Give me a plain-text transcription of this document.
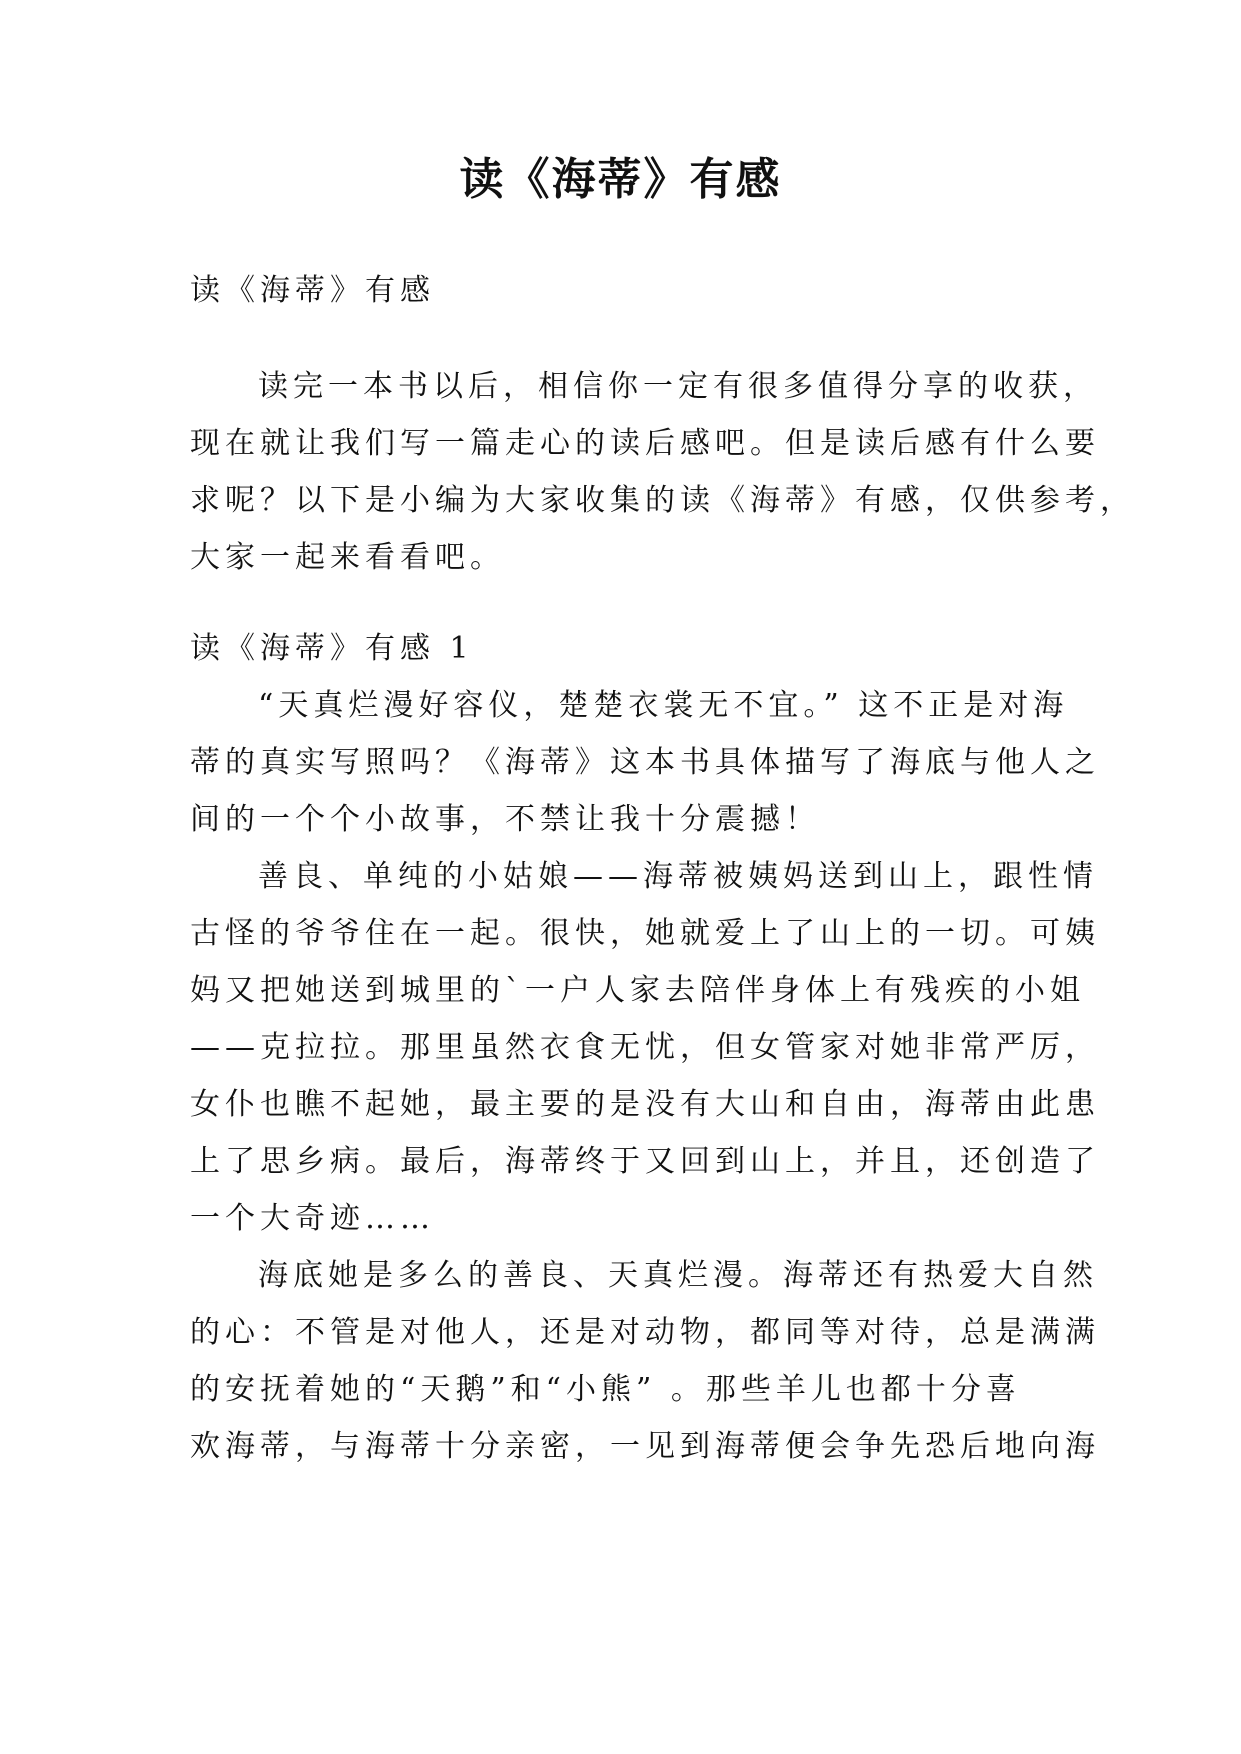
读《海蒂》有感
读《海蒂》有感
读完一本书以后，相信你一定有很多值得分享的收获，
现在就让我们写一篇走心的读后感吧。但是读后感有什么要
求呢？以下是小编为大家收集的读《海蒂》有感，仅供参考，
大家一起来看看吧。
读《海蒂》有感 1
“天真烂漫好容仪，楚楚衣裳无不宜。” 这不正是对海
蒂的真实写照吗？《海蒂》这本书具体描写了海底与他人之
间的一个个小故事，不禁让我十分震撼！
善良、单纯的小姑娘——海蒂被姨妈送到山上，跟性情
古怪的爷爷住在一起。很快，她就爱上了山上的一切。可姨
妈又把她送到城里的`一户人家去陪伴身体上有残疾的小姐
——克拉拉。那里虽然衣食无忧，但女管家对她非常严厉，
女仆也瞧不起她，最主要的是没有大山和自由，海蒂由此患
上了思乡病。最后，海蒂终于又回到山上，并且，还创造了
一个大奇迹……
海底她是多么的善良、天真烂漫。海蒂还有热爱大自然
的心：不管是对他人，还是对动物，都同等对待，总是满满
的安抚着她的“天鹅”和“小熊” 。那些羊儿也都十分喜
欢海蒂，与海蒂十分亲密，一见到海蒂便会争先恐后地向海
